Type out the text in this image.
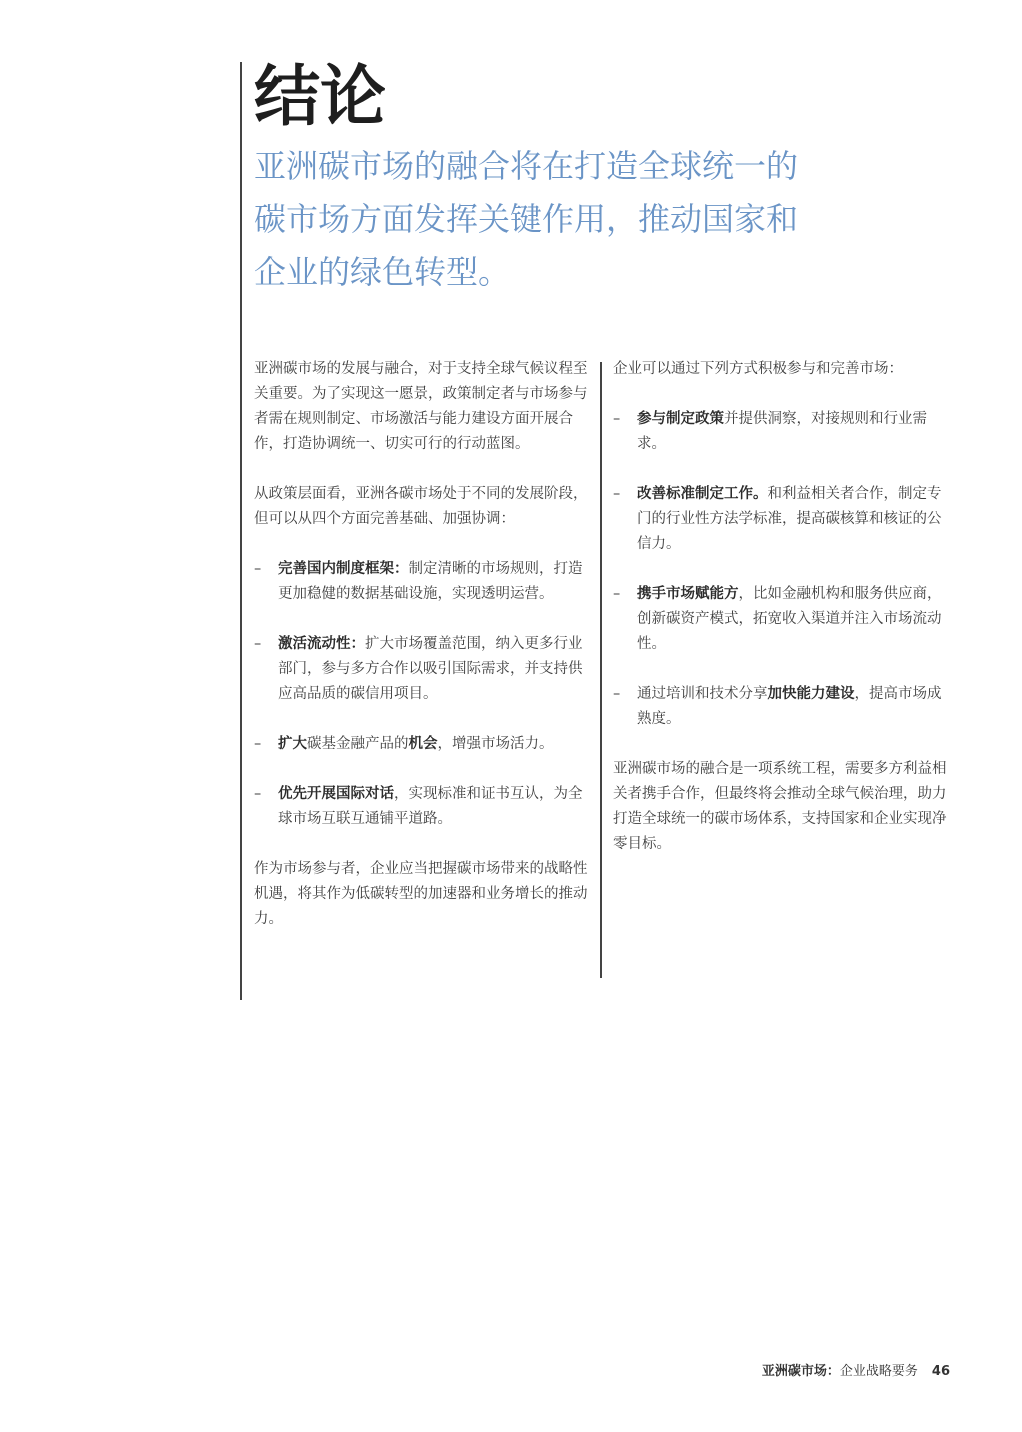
结论

亚洲碳市场的融合将在打造全球统一的碳市场方面发挥关键作用，推动国家和企业的绿色转型。

亚洲碳市场的发展与融合，对于支持全球气候议程至关重要。为了实现这一愿景，政策制定者与市场参与者需在规则制定、市场激活与能力建设方面开展合作，打造协调统一、切实可行的行动蓝图。

从政策层面看，亚洲各碳市场处于不同的发展阶段，但可以从四个方面完善基础、加强协调：

– 完善国内制度框架：制定清晰的市场规则，打造更加稳健的数据基础设施，实现透明运营。
– 激活流动性：扩大市场覆盖范围，纳入更多行业部门，参与多方合作以吸引国际需求，并支持供应高品质的碳信用项目。
– 扩大碳基金融产品的机会，增强市场活力。
– 优先开展国际对话，实现标准和证书互认，为全球市场互联互通铺平道路。

作为市场参与者，企业应当把握碳市场带来的战略性机遇，将其作为低碳转型的加速器和业务增长的推动力。

企业可以通过下列方式积极参与和完善市场：

– 参与制定政策并提供洞察，对接规则和行业需求。
– 改善标准制定工作。和利益相关者合作，制定专门的行业性方法学标准，提高碳核算和核证的公信力。
– 携手市场赋能方，比如金融机构和服务供应商，创新碳资产模式，拓宽收入渠道并注入市场流动性。
– 通过培训和技术分享加快能力建设，提高市场成熟度。

亚洲碳市场的融合是一项系统工程，需要多方利益相关者携手合作，但最终将会推动全球气候治理，助力打造全球统一的碳市场体系，支持国家和企业实现净零目标。

亚洲碳市场：企业战略要务 46
